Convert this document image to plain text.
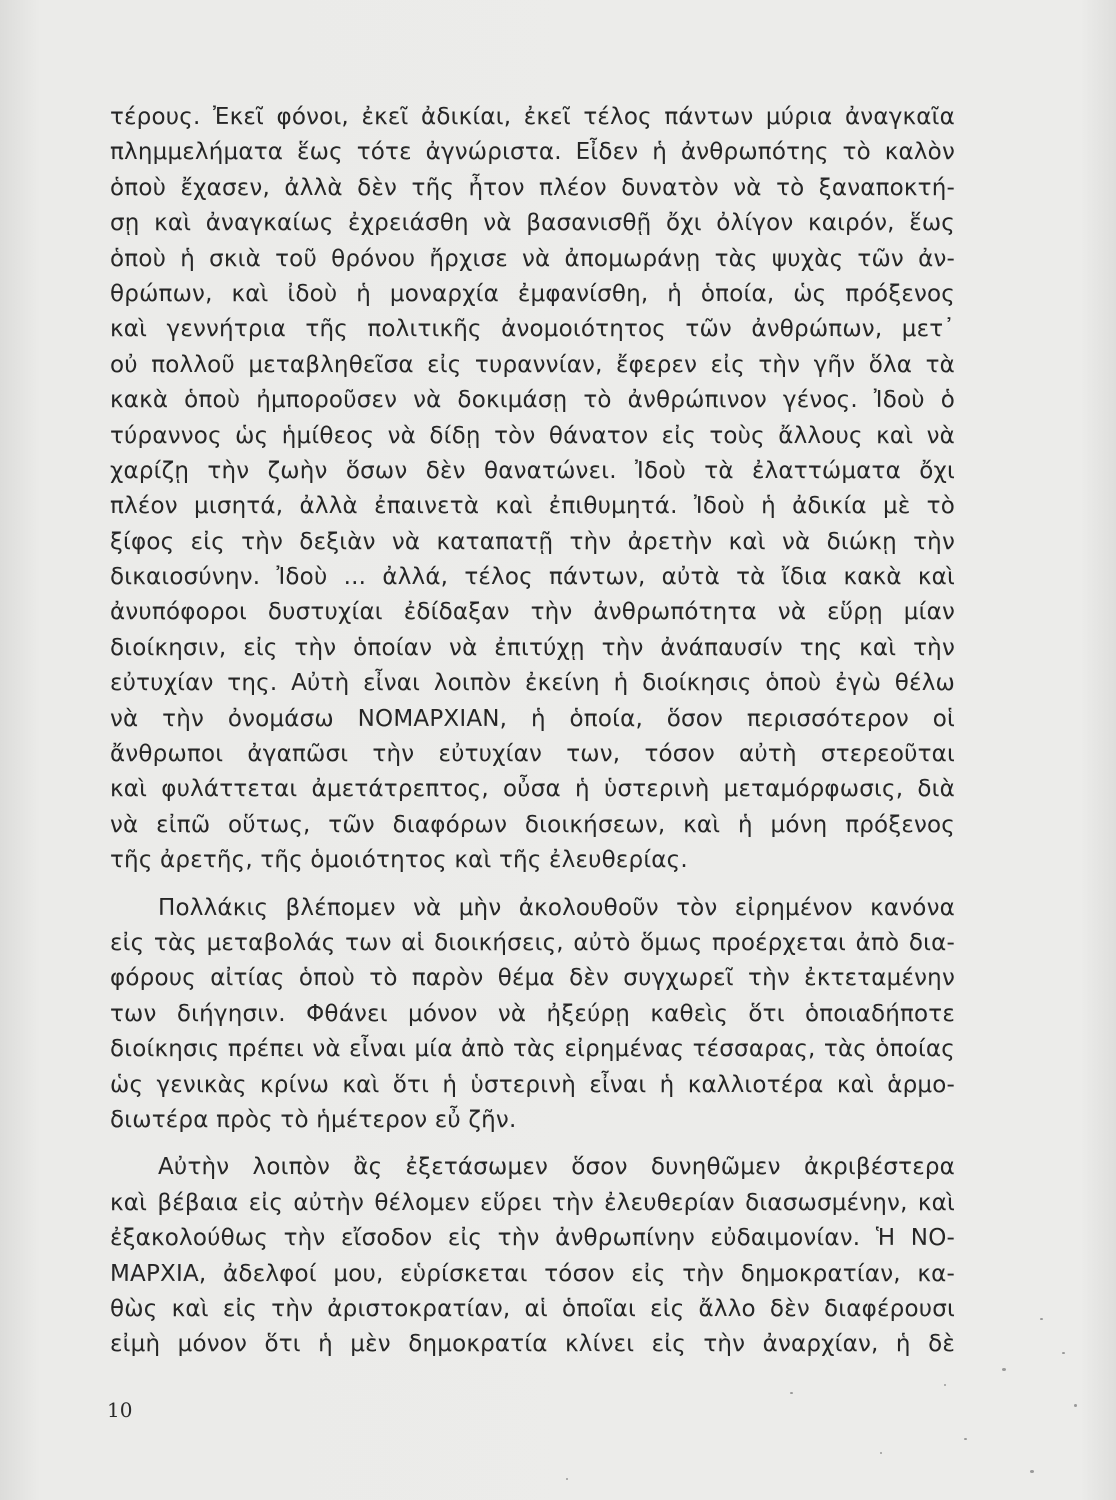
τέρους. Ἐκεῖ φόνοι, ἐκεῖ ἀδικίαι, ἐκεῖ τέλος πάντων μύρια ἀναγκαῖα
πλημμελήματα ἕως τότε ἀγνώριστα. Εἶδεν ἡ ἀνθρωπότης τὸ καλὸν
ὁποὺ ἔχασεν, ἀλλὰ δὲν τῆς ἦτον πλέον δυνατὸν νὰ τὸ ξαναποκτή-
σῃ καὶ ἀναγκαίως ἐχρειάσθη νὰ βασανισθῇ ὄχι ὀλίγον καιρόν, ἕως
ὁποὺ ἡ σκιὰ τοῦ θρόνου ἤρχισε νὰ ἀπομωράνῃ τὰς ψυχὰς τῶν ἀν-
θρώπων, καὶ ἰδοὺ ἡ μοναρχία ἐμφανίσθη, ἡ ὁποία, ὡς πρόξενος
καὶ γεννήτρια τῆς πολιτικῆς ἀνομοιότητος τῶν ἀνθρώπων, μετ᾽
οὐ πολλοῦ μεταβληθεῖσα εἰς τυραννίαν, ἔφερεν εἰς τὴν γῆν ὅλα τὰ
κακὰ ὁποὺ ἠμποροῦσεν νὰ δοκιμάσῃ τὸ ἀνθρώπινον γένος. Ἰδοὺ ὁ
τύραννος ὡς ἡμίθεος νὰ δίδῃ τὸν θάνατον εἰς τοὺς ἄλλους καὶ νὰ
χαρίζῃ τὴν ζωὴν ὅσων δὲν θανατώνει. Ἰδοὺ τὰ ἐλαττώματα ὄχι
πλέον μισητά, ἀλλὰ ἐπαινετὰ καὶ ἐπιθυμητά. Ἰδοὺ ἡ ἀδικία μὲ τὸ
ξίφος εἰς τὴν δεξιὰν νὰ καταπατῇ τὴν ἀρετὴν καὶ νὰ διώκῃ τὴν
δικαιοσύνην. Ἰδοὺ ... ἀλλά, τέλος πάντων, αὐτὰ τὰ ἴδια κακὰ καὶ
ἀνυπόφοροι δυστυχίαι ἐδίδαξαν τὴν ἀνθρωπότητα νὰ εὕρῃ μίαν
διοίκησιν, εἰς τὴν ὁποίαν νὰ ἐπιτύχῃ τὴν ἀνάπαυσίν της καὶ τὴν
εὐτυχίαν της. Αὐτὴ εἶναι λοιπὸν ἐκείνη ἡ διοίκησις ὁποὺ ἐγὼ θέλω
νὰ τὴν ὀνομάσω ΝΟΜΑΡΧΙΑΝ, ἡ ὁποία, ὅσον περισσότερον οἱ
ἄνθρωποι ἀγαπῶσι τὴν εὐτυχίαν των, τόσον αὐτὴ στερεοῦται
καὶ φυλάττεται ἀμετάτρεπτος, οὖσα ἡ ὑστερινὴ μεταμόρφωσις, διὰ
νὰ εἰπῶ οὕτως, τῶν διαφόρων διοικήσεων, καὶ ἡ μόνη πρόξενος
τῆς ἀρετῆς, τῆς ὁμοιότητος καὶ τῆς ἐλευθερίας.
Πολλάκις βλέπομεν νὰ μὴν ἀκολουθοῦν τὸν εἰρημένον κανόνα
εἰς τὰς μεταβολάς των αἱ διοικήσεις, αὐτὸ ὅμως προέρχεται ἀπὸ δια-
φόρους αἰτίας ὁποὺ τὸ παρὸν θέμα δὲν συγχωρεῖ τὴν ἐκτεταμένην
των διήγησιν. Φθάνει μόνον νὰ ἠξεύρῃ καθεὶς ὅτι ὁποιαδήποτε
διοίκησις πρέπει νὰ εἶναι μία ἀπὸ τὰς εἰρημένας τέσσαρας, τὰς ὁποίας
ὡς γενικὰς κρίνω καὶ ὅτι ἡ ὑστερινὴ εἶναι ἡ καλλιοτέρα καὶ ἁρμο-
διωτέρα πρὸς τὸ ἡμέτερον εὖ ζῆν.
Αὐτὴν λοιπὸν ἂς ἐξετάσωμεν ὅσον δυνηθῶμεν ἀκριβέστερα
καὶ βέβαια εἰς αὐτὴν θέλομεν εὕρει τὴν ἐλευθερίαν διασωσμένην, καὶ
ἐξακολούθως τὴν εἴσοδον εἰς τὴν ἀνθρωπίνην εὐδαιμονίαν. Ἡ ΝΟ-
ΜΑΡΧΙΑ, ἀδελφοί μου, εὑρίσκεται τόσον εἰς τὴν δημοκρατίαν, κα-
θὼς καὶ εἰς τὴν ἀριστοκρατίαν, αἱ ὁποῖαι εἰς ἄλλο δὲν διαφέρουσι
εἰμὴ μόνον ὅτι ἡ μὲν δημοκρατία κλίνει εἰς τὴν ἀναρχίαν, ἡ δὲ
10
